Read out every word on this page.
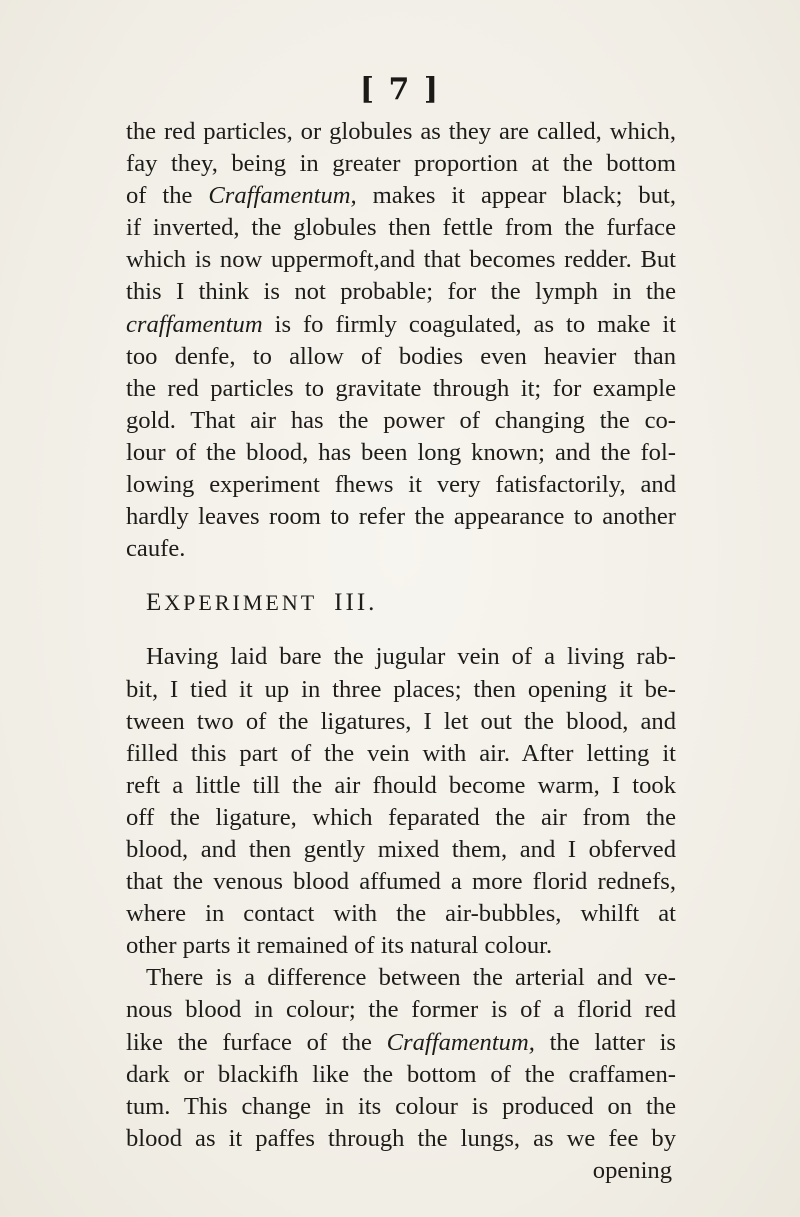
[ 7 ]
the red particles, or globules as they are called, which,
fay they, being in greater proportion at the bottom
of the Craffamentum, makes it appear black; but,
if inverted, the globules then fettle from the furface
which is now uppermoft,and that becomes redder. But
this I think is not probable; for the lymph in the
craffamentum is fo firmly coagulated, as to make it
too denfe, to allow of bodies even heavier than
the red particles to gravitate through it; for example
gold. That air has the power of changing the co-
lour of the blood, has been long known; and the fol-
lowing experiment fhews it very fatisfactorily, and
hardly leaves room to refer the appearance to another
caufe.
EXPERIMENT III.
Having laid bare the jugular vein of a living rab-
bit, I tied it up in three places; then opening it be-
tween two of the ligatures, I let out the blood, and
filled this part of the vein with air. After letting it
reft a little till the air fhould become warm, I took
off the ligature, which feparated the air from the
blood, and then gently mixed them, and I obferved
that the venous blood affumed a more florid rednefs,
where in contact with the air-bubbles, whilft at
other parts it remained of its natural colour.
There is a difference between the arterial and ve-
nous blood in colour; the former is of a florid red
like the furface of the Craffamentum, the latter is
dark or blackifh like the bottom of the craffamen-
tum. This change in its colour is produced on the
blood as it paffes through the lungs, as we fee by
opening
